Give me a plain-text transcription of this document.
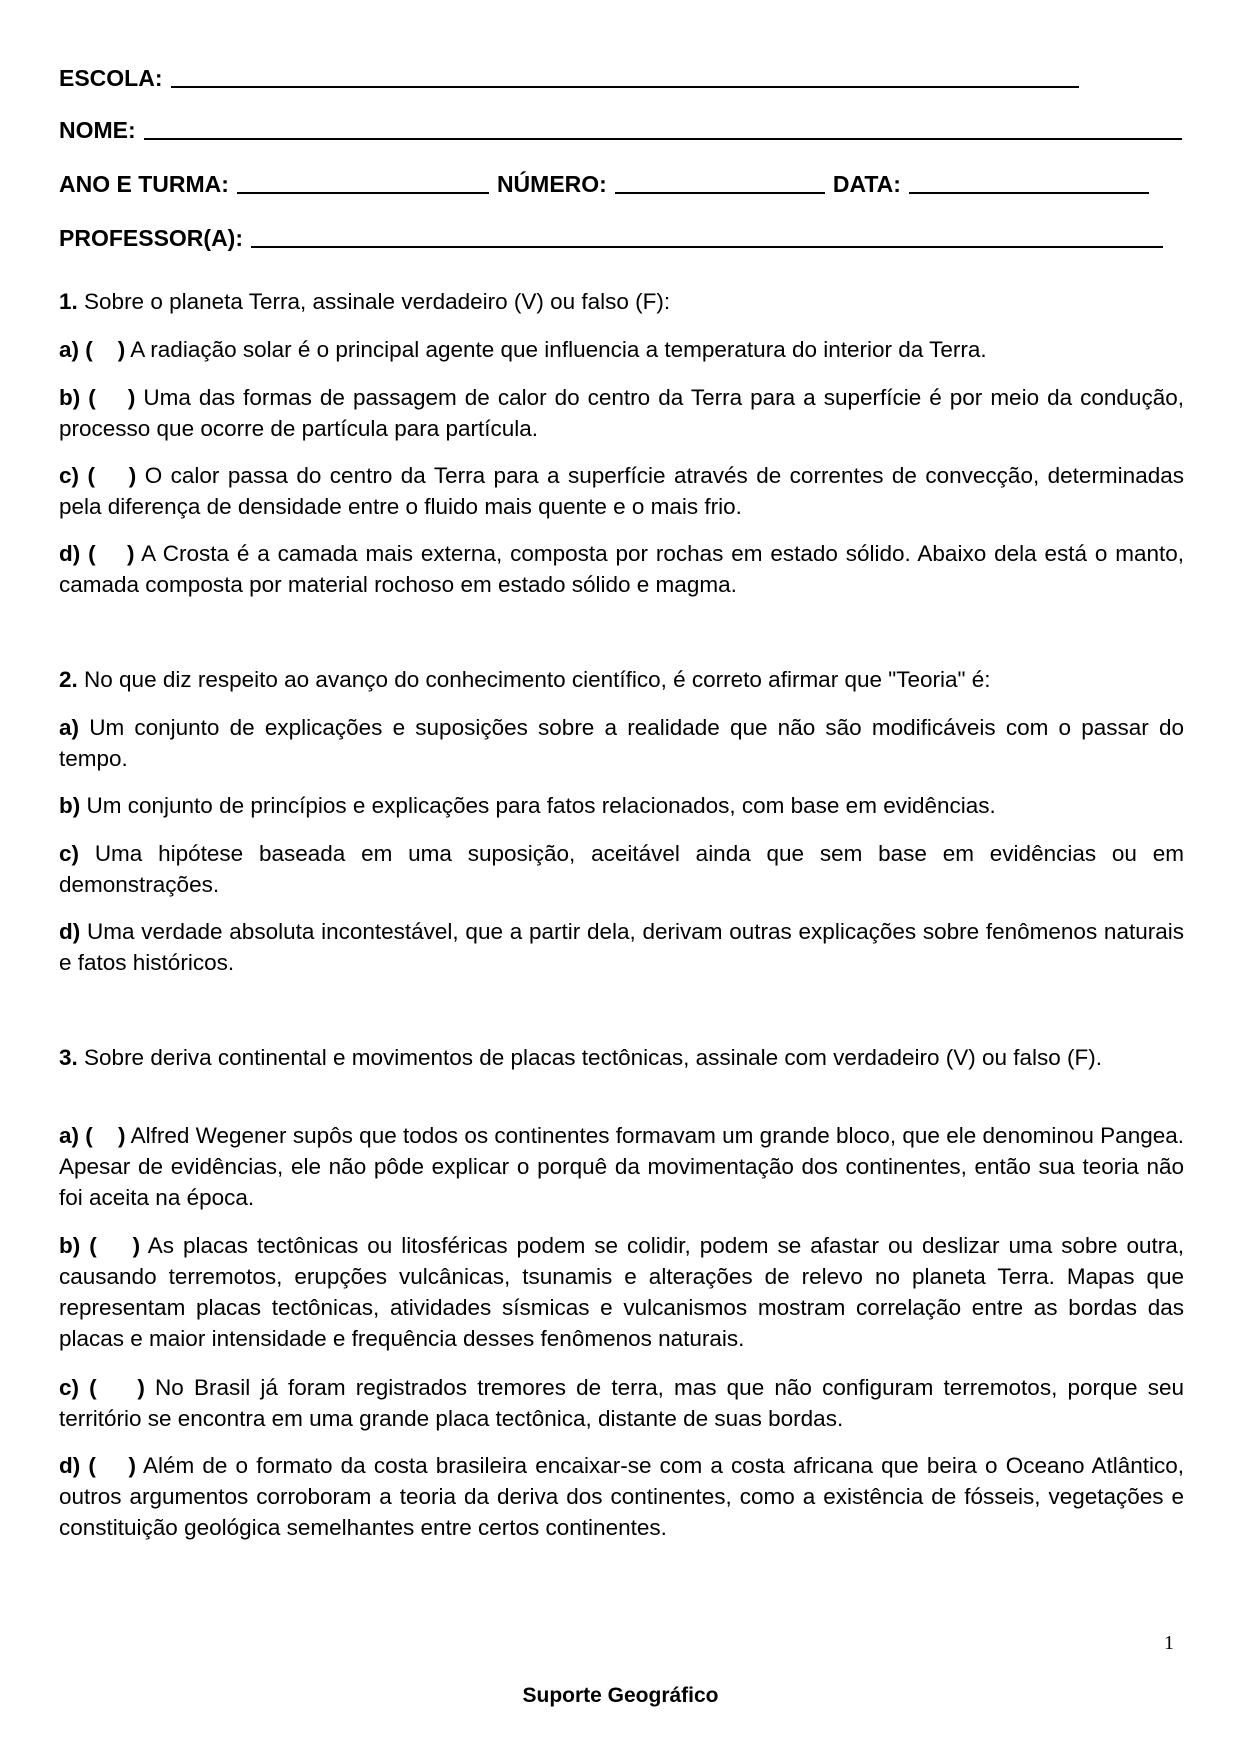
ESCOLA:
NOME:
ANO E TURMA:	NÚMERO:	DATA:
PROFESSOR(A):
1. Sobre o planeta Terra, assinale verdadeiro (V) ou falso (F):
a) ( ) A radiação solar é o principal agente que influencia a temperatura do interior da Terra.
b) ( ) Uma das formas de passagem de calor do centro da Terra para a superfície é por meio da condução, processo que ocorre de partícula para partícula.
c) ( ) O calor passa do centro da Terra para a superfície através de correntes de convecção, determinadas pela diferença de densidade entre o fluido mais quente e o mais frio.
d) ( ) A Crosta é a camada mais externa, composta por rochas em estado sólido. Abaixo dela está o manto, camada composta por material rochoso em estado sólido e magma.
2. No que diz respeito ao avanço do conhecimento científico, é correto afirmar que "Teoria" é:
a) Um conjunto de explicações e suposições sobre a realidade que não são modificáveis com o passar do tempo.
b) Um conjunto de princípios e explicações para fatos relacionados, com base em evidências.
c) Uma hipótese baseada em uma suposição, aceitável ainda que sem base em evidências ou em demonstrações.
d) Uma verdade absoluta incontestável, que a partir dela, derivam outras explicações sobre fenômenos naturais e fatos históricos.
3. Sobre deriva continental e movimentos de placas tectônicas, assinale com verdadeiro (V) ou falso (F).
a) ( ) Alfred Wegener supôs que todos os continentes formavam um grande bloco, que ele denominou Pangea. Apesar de evidências, ele não pôde explicar o porquê da movimentação dos continentes, então sua teoria não foi aceita na época.
b) ( ) As placas tectônicas ou litosféricas podem se colidir, podem se afastar ou deslizar uma sobre outra, causando terremotos, erupções vulcânicas, tsunamis e alterações de relevo no planeta Terra. Mapas que representam placas tectônicas, atividades sísmicas e vulcanismos mostram correlação entre as bordas das placas e maior intensidade e frequência desses fenômenos naturais.
c) ( ) No Brasil já foram registrados tremores de terra, mas que não configuram terremotos, porque seu território se encontra em uma grande placa tectônica, distante de suas bordas.
d) ( ) Além de o formato da costa brasileira encaixar-se com a costa africana que beira o Oceano Atlântico, outros argumentos corroboram a teoria da deriva dos continentes, como a existência de fósseis, vegetações e constituição geológica semelhantes entre certos continentes.
1
Suporte Geográfico
